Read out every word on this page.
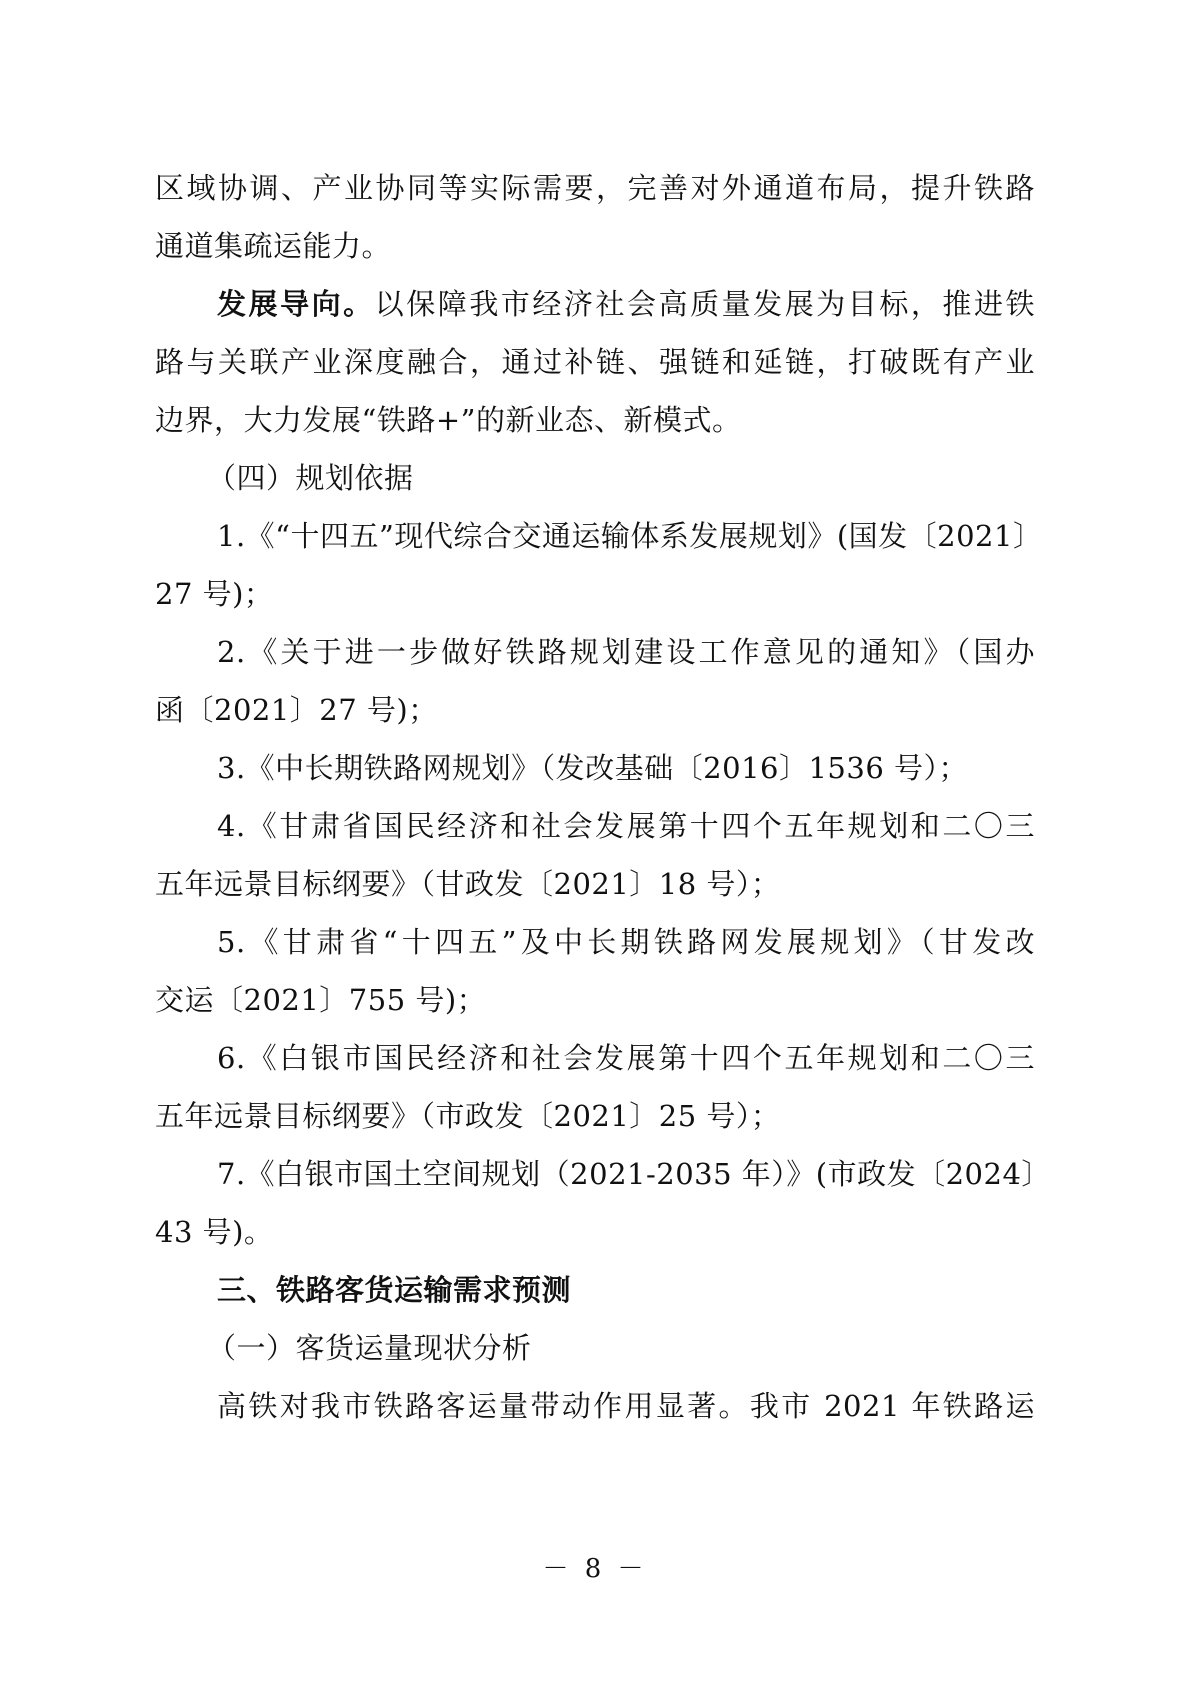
区域协调、产业协同等实际需要，完善对外通道布局，提升铁路
通道集疏运能力。
发展导向。以保障我市经济社会高质量发展为目标，推进铁
路与关联产业深度融合，通过补链、强链和延链，打破既有产业
边界，大力发展“铁路+”的新业态、新模式。
（四）规划依据
1.《“十四五”现代综合交通运输体系发展规划》(国发〔2021〕
27 号)；
2.《关于进一步做好铁路规划建设工作意见的通知》（国办
函〔2021〕27 号)；
3.《中长期铁路网规划》（发改基础〔2016〕1536 号）；
4.《甘肃省国民经济和社会发展第十四个五年规划和二〇三
五年远景目标纲要》（甘政发〔2021〕18 号）；
5.《甘肃省“十四五”及中长期铁路网发展规划》（甘发改
交运〔2021〕755 号)；
6.《白银市国民经济和社会发展第十四个五年规划和二〇三
五年远景目标纲要》（市政发〔2021〕25 号）；
7.《白银市国土空间规划（2021-2035 年）》(市政发〔2024〕
43 号)。
三、铁路客货运输需求预测
（一）客货运量现状分析
高铁对我市铁路客运量带动作用显著。我市 2021 年铁路运
－ 8 －
